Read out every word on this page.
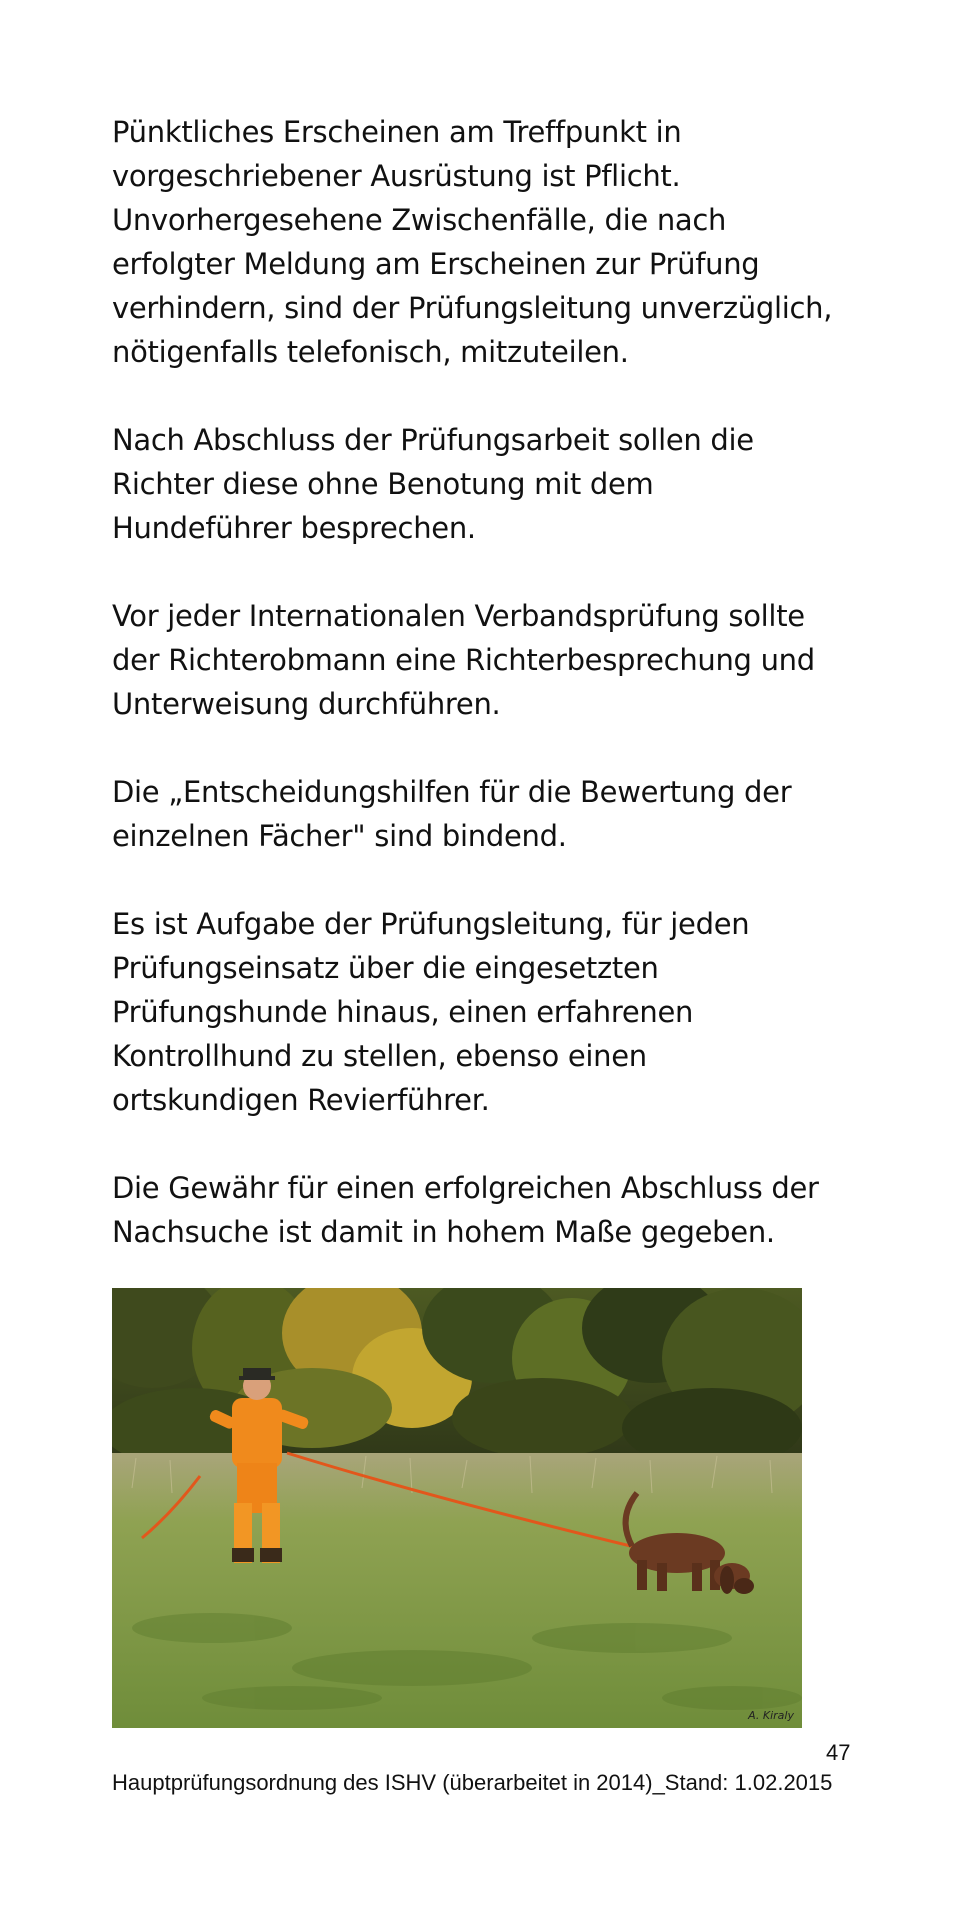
Pünktliches Erscheinen am Treffpunkt in
vorgeschriebener Ausrüstung ist Pflicht.
Unvorhergesehene Zwischenfälle, die nach
erfolgter Meldung am Erscheinen zur Prüfung
verhindern, sind der Prüfungsleitung unverzüglich,
nötigenfalls telefonisch, mitzuteilen.

Nach Abschluss der Prüfungsarbeit sollen die
Richter diese ohne Benotung mit dem
Hundeführer besprechen.

Vor jeder Internationalen Verbandsprüfung sollte
der Richterobmann eine Richterbesprechung und
Unterweisung durchführen.

Die „Entscheidungshilfen für die Bewertung der
einzelnen Fächer" sind bindend.

Es ist Aufgabe der Prüfungsleitung, für jeden
Prüfungseinsatz über die eingesetzten
Prüfungshunde hinaus, einen erfahrenen
Kontrollhund zu stellen, ebenso einen
ortskundigen Revierführer.

Die Gewähr für einen erfolgreichen Abschluss der
Nachsuche ist damit in hohem Maße gegeben.

A. Kiraly
47
Hauptprüfungsordnung des ISHV (überarbeitet in 2014)_Stand: 1.02.2015
